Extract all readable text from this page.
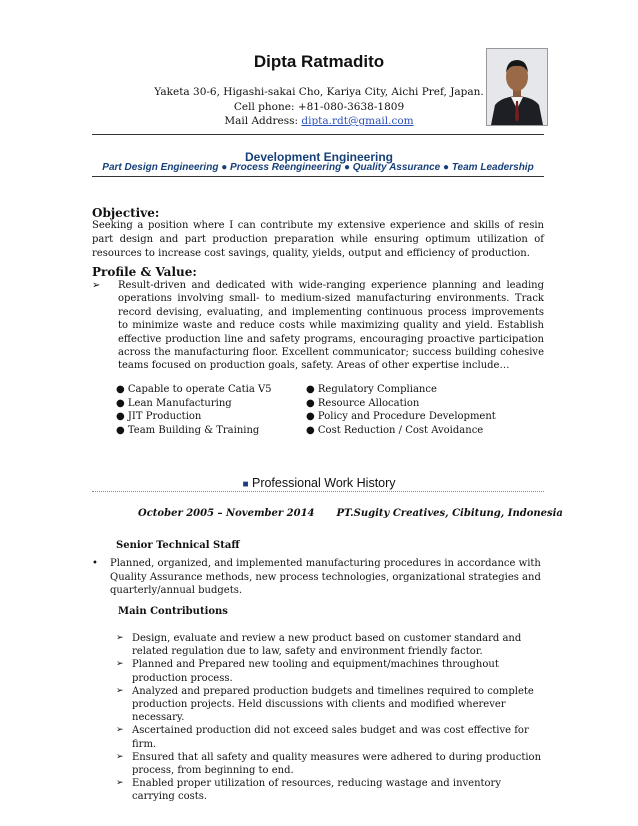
Dipta Ratmadito
Yaketa 30-6, Higashi-sakai Cho, Kariya City, Aichi Pref, Japan.
Cell phone: +81-080-3638-1809
Mail Address: dipta.rdt@gmail.com
Development Engineering
Part Design Engineering ● Process Reengineering ● Quality Assurance ● Team Leadership
Objective:
Seeking a position where I can contribute my extensive experience and skills of resin part design and part production preparation while ensuring optimum utilization of resources to increase cost savings, quality, yields, output and efficiency of production.
Profile & Value:
➢	Result-driven and dedicated with wide-ranging experience planning and leading operations involving small- to medium-sized manufacturing environments. Track record devising, evaluating, and implementing continuous process improvements to minimize waste and reduce costs while maximizing quality and yield. Establish effective production line and safety programs, encouraging proactive participation across the manufacturing floor. Excellent communicator; success building cohesive teams focused on production goals, safety. Areas of other expertise include…
● Capable to operate Catia V5	● Regulatory Compliance
● Lean Manufacturing	● Resource Allocation
● JIT Production	● Policy and Procedure Development
● Team Building & Training	● Cost Reduction / Cost Avoidance
■ Professional Work History
October 2005 – November 2014 PT.Sugity Creatives, Cibitung, Indonesia
Senior Technical Staff
•	Planned, organized, and implemented manufacturing procedures in accordance with Quality Assurance methods, new process technologies, organizational strategies and quarterly/annual budgets.
Main Contributions
➢ Design, evaluate and review a new product based on customer standard and related regulation due to law, safety and environment friendly factor.
➢ Planned and Prepared new tooling and equipment/machines throughout production process.
➢ Analyzed and prepared production budgets and timelines required to complete production projects. Held discussions with clients and modified wherever necessary.
➢ Ascertained production did not exceed sales budget and was cost effective for firm.
➢ Ensured that all safety and quality measures were adhered to during production process, from beginning to end.
➢ Enabled proper utilization of resources, reducing wastage and inventory carrying costs.
